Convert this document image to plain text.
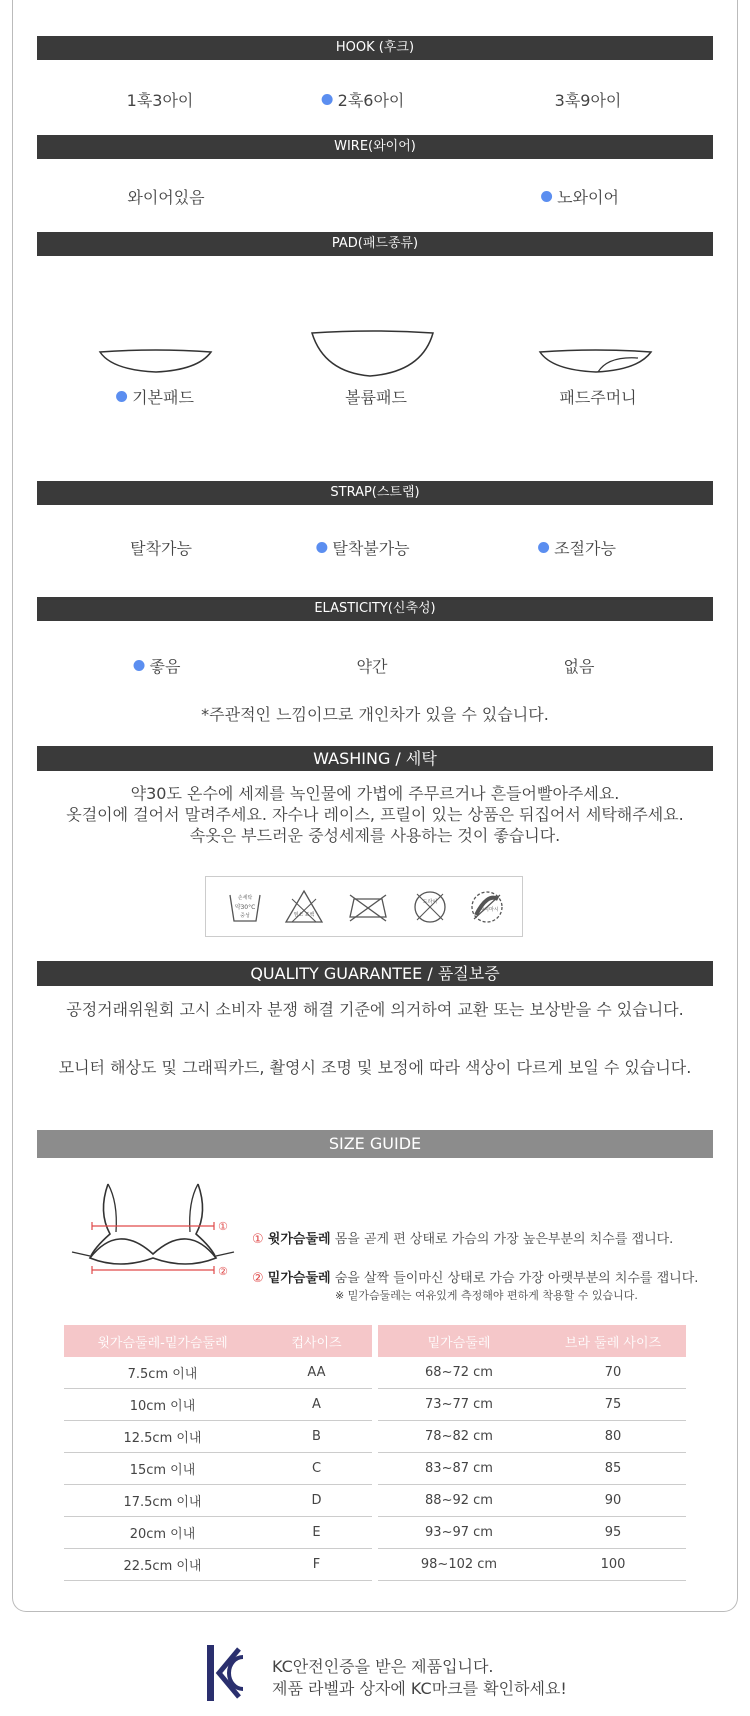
HOOK (후크)
1훅3아이	2훅6아이	3훅9아이
WIRE(와이어)
와이어있음	노와이어
PAD(패드종류)
기본패드	볼륨패드	패드주머니
STRAP(스트랩)
탈착가능	탈착불가능	조절가능
ELASTICITY(신축성)
좋음	약간	없음
*주관적인 느낌이므로 개인차가 있을 수 있습니다.
WASHING / 세탁
약30도 온수에 세제를 녹인물에 가볍에 주무르거나 흔들어빨아주세요.
옷걸이에 걸어서 말려주세요. 자수나 레이스, 프릴이 있는 상품은 뒤집어서 세탁해주세요.
속옷은 부드러운 중성세제를 사용하는 것이 좋습니다.
손세탁
약30°C
중성	염소 표백
드라이
짜지마시
QUALITY GUARANTEE / 품질보증
공정거래위원회 고시 소비자 분쟁 해결 기준에 의거하여 교환 또는 보상받을 수 있습니다.
모니터 해상도 및 그래픽카드, 촬영시 조명 및 보정에 따라 색상이 다르게 보일 수 있습니다.
SIZE GUIDE
①
②
① 윗가슴둘레 몸을 곧게 편 상태로 가슴의 가장 높은부분의 치수를 잽니다.
② 밑가슴둘레 숨을 살짝 들이마신 상태로 가슴 가장 아랫부분의 치수를 잽니다.
※ 밑가슴둘레는 여유있게 측정해야 편하게 착용할 수 있습니다.
윗가슴둘레-밑가슴둘레	컵사이즈
7.5cm 이내	AA
10cm 이내	A
12.5cm 이내	B
15cm 이내	C
17.5cm 이내	D
20cm 이내	E
22.5cm 이내	F
밑가슴둘레	브라 둘레 사이즈
68~72 cm	70
73~77 cm	75
78~82 cm	80
83~87 cm	85
88~92 cm	90
93~97 cm	95
98~102 cm	100
KC안전인증을 받은 제품입니다.
제품 라벨과 상자에 KC마크를 확인하세요!
